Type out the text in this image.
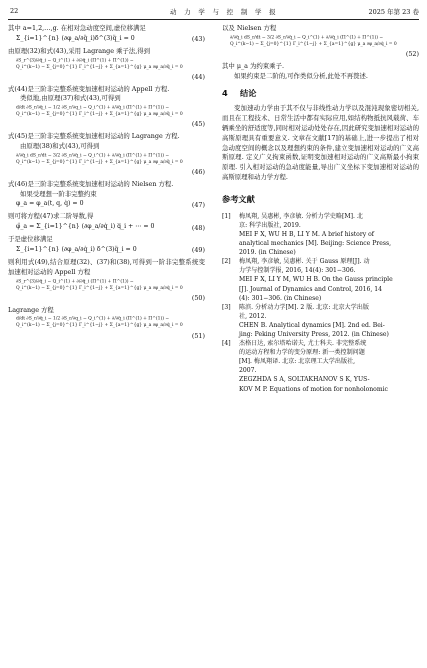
22	动 力 学 与 控 制 学 报	2025 年第 23 卷

其中 a=1,2,…,g. 在相对急动度空间,虚位移满足

Σ_{i=1}^{n} (∂φ_a/∂q̈_i)δ^(3)q̈_i = 0	(43)

由原理(32)和式(43),采用 Lagrange 乘子法,得到

∂S_r^(3)/∂q̈_i − Q_i^(1) + ∂/∂q̈_i (Π^(1) + Π^(1)) −
Q_i^(k−1) − Σ_{j=0}^{1} Γ_i^{1−j} + Σ_{a=1}^{g} μ_a ∂φ_a/∂q̈_i = 0
(44)

式(44)是三阶非完整系统变加速相对运动的 Appell 方程.

类似地,由原理(37)和式(43),可得到

d/dt ∂S_r/∂q̈_i − 1/2 ∂S_r/∂q_i − Q_i^(1) + ∂/∂q̈_i (Π^(1) + Π^(1)) −
Q_i^(k−1) − Σ_{j=0}^{1} Γ_i^{1−j} + Σ_{a=1}^{g} μ_a ∂φ_a/∂q̈_i = 0
(45)

式(45)是三阶非完整系统变加速相对运动的 Lagrange 方程.

由原理(38)和式(43),可得到

∂/∂q̈_i dS_r/dt − 3/2 ∂S_r/∂q̈_i − Q_i^(1) + ∂/∂q̈_i (Π^(1) + Π^(1)) −
Q_i^(k−1) − Σ_{j=0}^{1} Γ_i^{1−j} + Σ_{a=1}^{g} μ_a ∂φ_a/∂q̈_i = 0
(46)

式(46)是三阶非完整系统变加速相对运动的 Nielsen 方程.

如果受理想一阶非完整约束

φ_a = φ_a(t, q, q̇) = 0	(47)

则可将方程(47)求二阶导数,得

φ̈_a = Σ_{i=1}^{n} (∂φ_a/∂q̇_i) q⃛_i + ⋯ = 0	(48)

于是虚位移满足

Σ_{i=1}^{n} (∂φ_a/∂q̇_i) δ^(3)q̈_i = 0	(49)

则利用式(49),结合原理(32)、(37)和(38),可得到一阶非完整系统变加速相对运动的 Appell 方程

∂S_r^(3)/∂q̈_i − Q_i^(1) + ∂/∂q̈_i (Π^(1) + Π^(1)) −
Q_i^(k−1) − Σ_{j=0}^{1} Γ_i^{1−j} + Σ_{a=1}^{g} μ_a ∂φ_a/∂q̇_i = 0
(50)

Lagrange 方程

d/dt ∂S_r/∂q̈_i − 1/2 ∂S_r/∂q_i − Q_i^(1) + ∂/∂q̈_i (Π^(1) + Π^(1)) −
Q_i^(k−1) − Σ_{j=0}^{1} Γ_i^{1−j} + Σ_{a=1}^{g} μ_a ∂φ_a/∂q̇_i = 0
(51)

以及 Nielsen 方程

∂/∂q̈_i dS_r/dt − 3/2 ∂S_r/∂q̈_i − Q_i^(1) + ∂/∂q̈_i (Π^(1) + Π^(1)) −
Q_i^(k−1) − Σ_{j=0}^{1} Γ_i^{1−j} + Σ_{a=1}^{g} μ_a ∂φ_a/∂q̇_i = 0
(52)

其中 μ_a 为约束乘子.

如果约束是二阶的,可作类似分析,此处不再赘述.

4 结论

变加速动力学由于其不仅与非线性动力学以及混沌现象密切相关,而且在工程技术、日常生活中都有实际应用,如结构物抵抗风载荷、车辆乘坐的舒适度等,同时相对运动处处存在,因此研究变加速相对运动的高斯原理具有重要意义. 文章在文献[17]的基础上,进一步提出了相对急动度空间的概念以及理想约束的条件,建立变加速相对运动的广义高斯原理. 定义广义拘束函数,证明变加速相对运动的广义高斯最小拘束原理. 引入相对运动的急动度能量,导出广义坐标下变加速相对运动的高斯原理和动力学方程.

参考文献
[1] 梅凤翔, 吴惠彬, 李彦敏. 分析力学史略[M]. 北
京: 科学出版社, 2019.
MEI F X, WU H B, LI Y M. A brief history of
analytical mechanics [M]. Beijing: Science Press,
2019. (in Chinese)
[2] 梅凤翔, 李彦敏, 吴惠彬. 关于 Gauss 原理[J]. 动
力学与控制学报, 2016, 14(4): 301−306.
MEI F X, LI Y M, WU H B. On the Gauss principle
[J]. Journal of Dynamics and Control, 2016, 14
(4): 301−306. (in Chinese)
[3] 陈滨. 分析动力学[M]. 2 版. 北京: 北京大学出版
社, 2012.
CHEN B. Analytical dynamics [M]. 2nd ed. Bei-
jing: Peking University Press, 2012. (in Chinese)
[4] 杰格日达, 索尔塔哈诺夫, 尤士科夫. 非完整系统
的运动方程和力学的变分原理: 新一类控制问题
[M]. 梅凤翔译. 北京: 北京理工大学出版社,
2007.
ZEGZHDA S A, SOLTAKHANOV S K, YUS-
KOV M P. Equations of motion for nonholonomic
